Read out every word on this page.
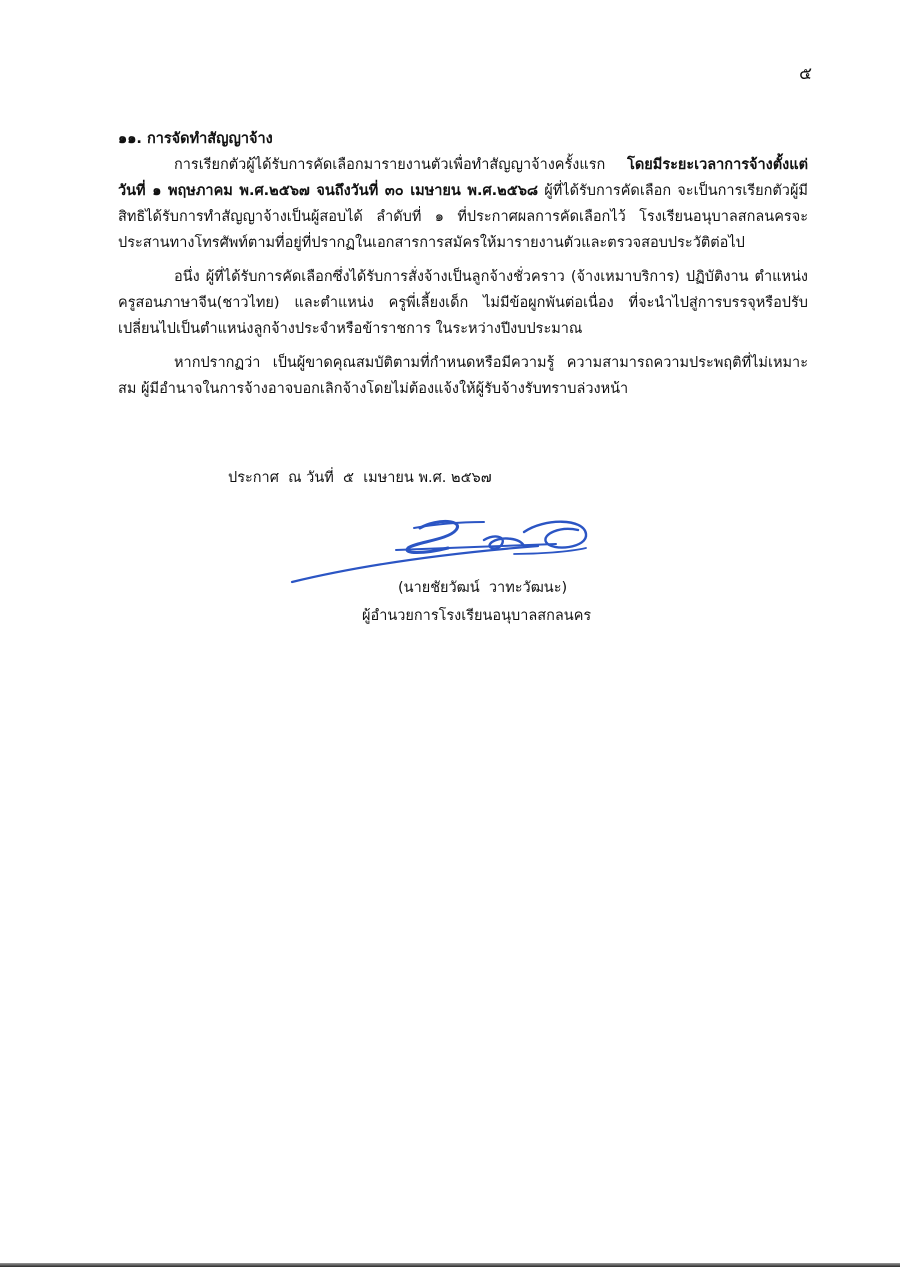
๕

๑๑. การจัดทำสัญญาจ้าง

การเรียกตัวผู้ได้รับการคัดเลือกมารายงานตัวเพื่อทำสัญญาจ้างครั้งแรก โดยมีระยะเวลาการจ้างตั้งแต่ วันที่ ๑ พฤษภาคม พ.ศ.๒๕๖๗ จนถึงวันที่ ๓๐ เมษายน พ.ศ.๒๕๖๘ ผู้ที่ได้รับการคัดเลือก จะเป็นการเรียกตัวผู้มีสิทธิได้รับการทำสัญญาจ้างเป็นผู้สอบได้ ลำดับที่ ๑ ที่ประกาศผลการคัดเลือกไว้ โรงเรียนอนุบาลสกลนครจะประสานทางโทรศัพท์ตามที่อยู่ที่ปรากฏในเอกสารการสมัครให้มารายงานตัวและตรวจสอบประวัติต่อไป

อนึ่ง ผู้ที่ได้รับการคัดเลือกซึ่งได้รับการสั่งจ้างเป็นลูกจ้างชั่วคราว (จ้างเหมาบริการ) ปฏิบัติงาน ตำแหน่ง ครูสอนภาษาจีน(ชาวไทย) และตำแหน่ง ครูพี่เลี้ยงเด็ก ไม่มีข้อผูกพันต่อเนื่อง ที่จะนำไปสู่การบรรจุหรือปรับเปลี่ยนไปเป็นตำแหน่งลูกจ้างประจำหรือข้าราชการ ในระหว่างปีงบประมาณ

หากปรากฏว่า เป็นผู้ขาดคุณสมบัติตามที่กำหนดหรือมีความรู้ ความสามารถความประพฤติที่ไม่เหมาะสม ผู้มีอำนาจในการจ้างอาจบอกเลิกจ้างโดยไม่ต้องแจ้งให้ผู้รับจ้างรับทราบล่วงหน้า

ประกาศ  ณ วันที่  ๕  เมษายน พ.ศ. ๒๕๖๗
(นายชัยวัฒน์  วาทะวัฒนะ)
ผู้อำนวยการโรงเรียนอนุบาลสกลนคร
